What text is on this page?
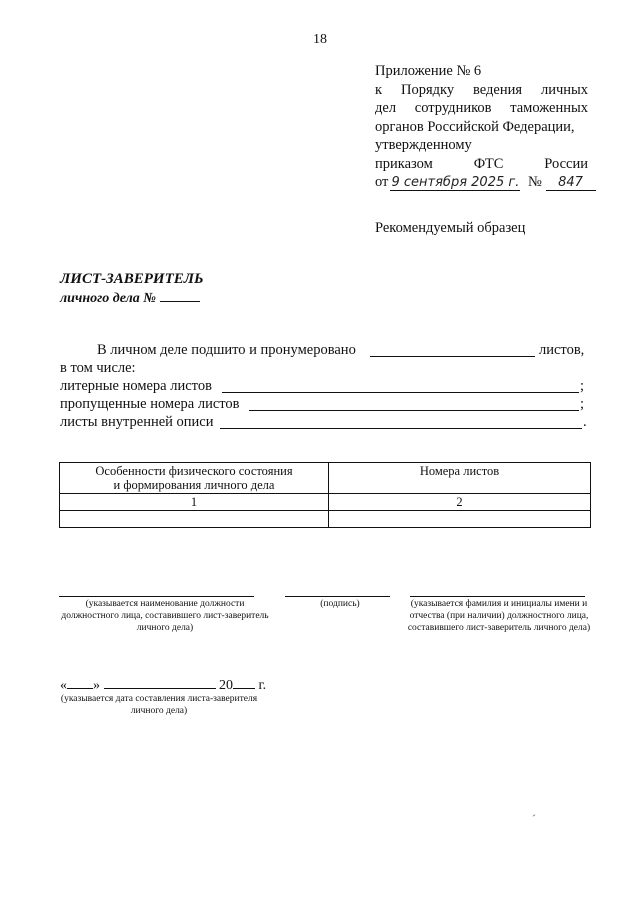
18
Приложение № 6
к Порядку ведения личных
дел сотрудников таможенных
органов Российской Федерации,
утвержденному
приказом	ФТС	России
от 9 сентября 2025 г. № 847
Рекомендуемый образец
ЛИСТ-ЗАВЕРИТЕЛЬ
личного дела №
В личном деле подшито и пронумеровано	листов,
в том числе:
литерные номера листов	;
пропущенные номера листов	;
листы внутренней описи	.
Особенности физического состояния
и формирования личного дела	Номера листов

1	2

(указывается наименование должности должностного лица, составившего лист-заверитель личного дела)
(подпись)	(указывается фамилия и инициалы имени и отчества (при наличии) должностного лица, составившего лист-заверитель личного дела)
« »	20 г.
(указывается дата составления листа-заверителя личного дела)
ˊ
